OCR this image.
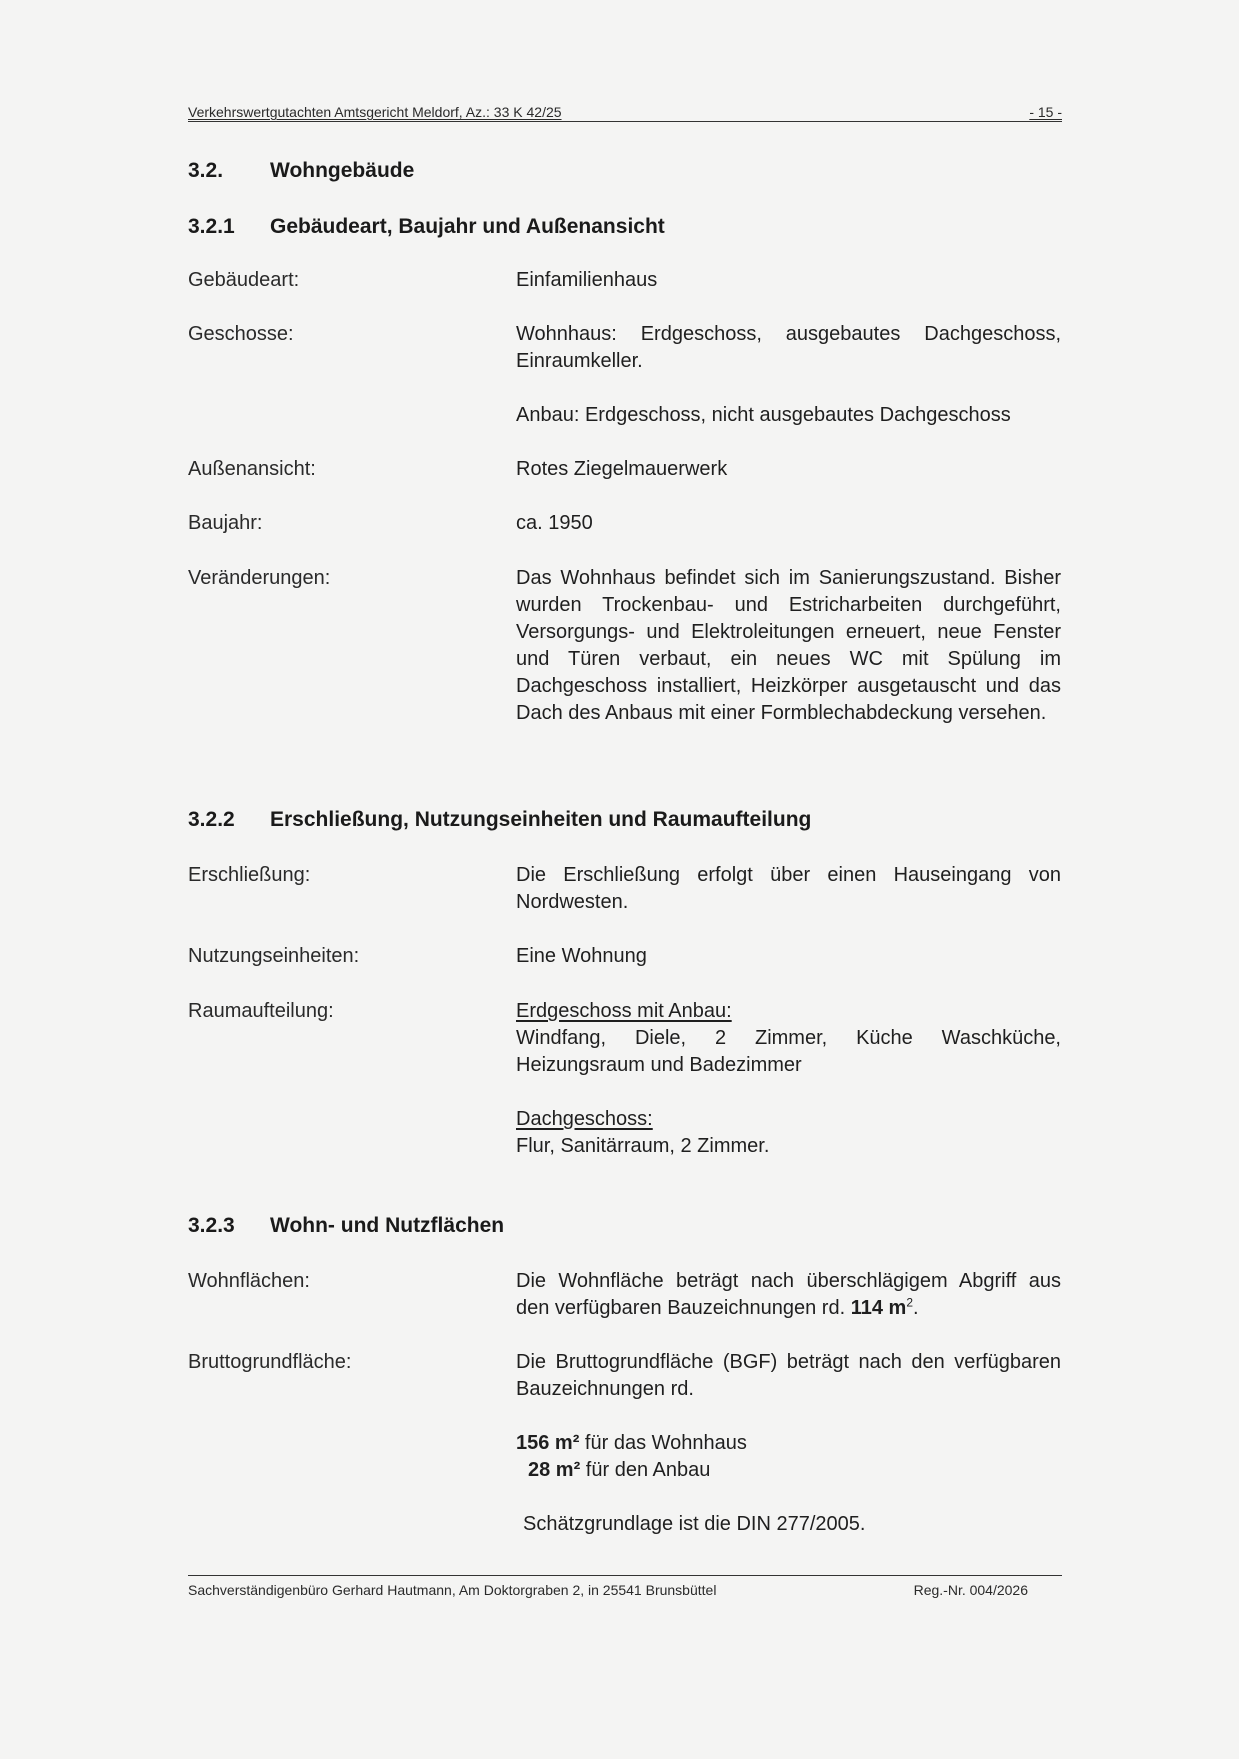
Verkehrswertgutachten Amtsgericht Meldorf, Az.: 33 K 42/25	- 15 -
3.2.	Wohngebäude
3.2.1	Gebäudeart, Baujahr und Außenansicht
Gebäudeart:	Einfamilienhaus
Geschosse:	Wohnhaus: Erdgeschoss, ausgebautes Dachgeschoss,
Einraumkeller.
Anbau: Erdgeschoss, nicht ausgebautes Dachgeschoss
Außenansicht:	Rotes Ziegelmauerwerk
Baujahr:	ca. 1950
Veränderungen:	Das Wohnhaus befindet sich im Sanierungszustand. Bisher wurden Trockenbau- und Estricharbeiten durchgeführt, Versorgungs- und Elektroleitungen erneuert, neue Fenster und Türen verbaut, ein neues WC mit Spülung im Dachgeschoss installiert, Heizkörper ausgetauscht und das Dach des Anbaus mit einer Formblechabdeckung versehen.
3.2.2	Erschließung, Nutzungseinheiten und Raumaufteilung
Erschließung:	Die Erschließung erfolgt über einen Hauseingang von Nordwesten.
Nutzungseinheiten:	Eine Wohnung
Raumaufteilung:	Erdgeschoss mit Anbau:
Windfang, Diele, 2 Zimmer, Küche Waschküche,
Heizungsraum und Badezimmer
Dachgeschoss:
Flur, Sanitärraum, 2 Zimmer.
3.2.3	Wohn- und Nutzflächen
Wohnflächen:	Die Wohnfläche beträgt nach überschlägigem Abgriff aus
den verfügbaren Bauzeichnungen rd. 114 $m^2$.
Bruttogrundfläche:	Die Bruttogrundfläche (BGF) beträgt nach den verfügbaren
Bauzeichnungen rd.
156 m² für das Wohnhaus
28 m² für den Anbau
Schätzgrundlage ist die DIN 277/2005.
Sachverständigenbüro Gerhard Hautmann, Am Doktorgraben 2, in 25541 Brunsbüttel	Reg.-Nr. 004/2026
